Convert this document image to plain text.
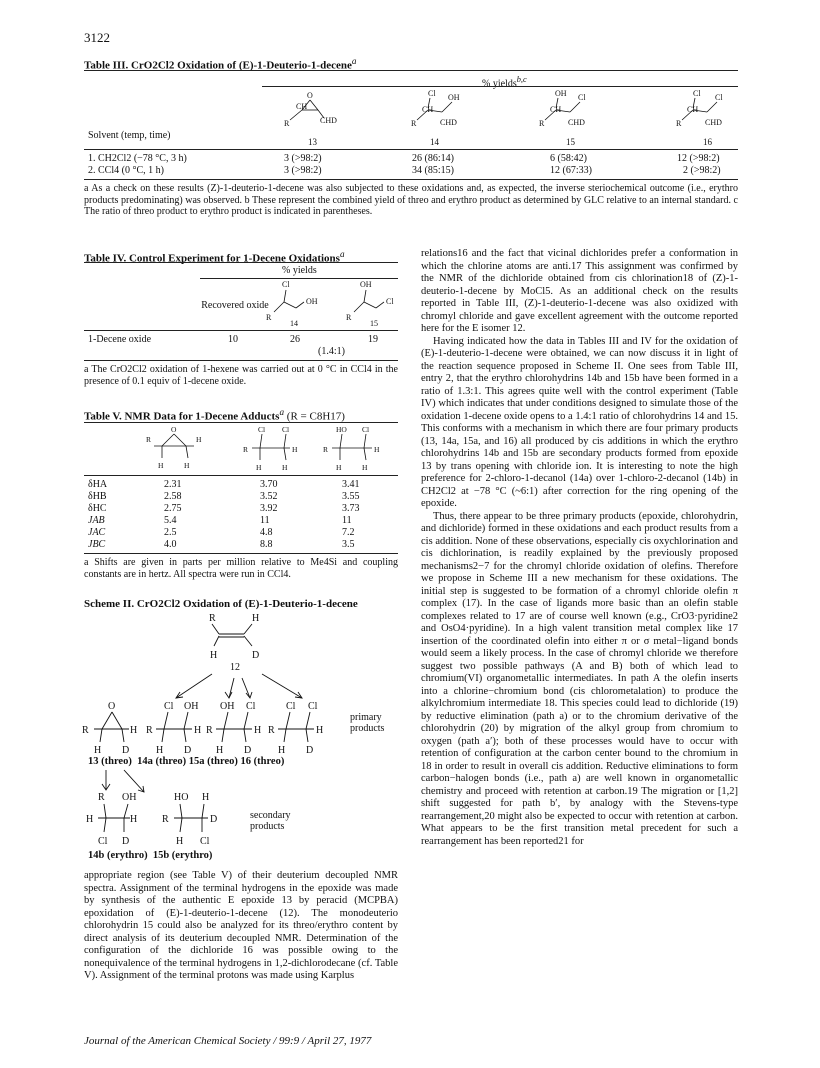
3122
Table III. CrO2Cl2 Oxidation of (E)-1-Deuterio-1-decene$^a$
% yields$^{b,c}$
O
CH
CHD
R
Cl
CH
OH
CHD
R
OH
CH
Cl
CHD
R
Cl
CH
Cl
CHD
R
Solvent (temp, time)
13	14	15	16
1. CH2Cl2 (−78 °C, 3 h)	3 (>98:2)	26 (86:14)	6 (58:42)	12 (>98:2)
2. CCl4 (0 °C, 1 h)	3 (>98:2)	34 (85:15)	12 (67:33)	2 (>98:2)
a As a check on these results (Z)-1-deuterio-1-decene was also subjected to these oxidations and, as expected, the inverse steriochemical outcome (i.e., erythro products predominating) was observed. b These represent the combined yield of threo and erythro product as determined by GLC relative to an internal standard. c The ratio of threo product to erythro product is indicated in parentheses.
Table IV. Control Experiment for 1-Decene Oxidations$^a$
% yields
Cl
OH
R
OH
Cl
R
Recovered oxide
14	15
1-Decene oxide	10	26	19
(1.4:1)
a The CrO2Cl2 oxidation of 1-hexene was carried out at 0 °C in CCl4 in the presence of 0.1 equiv of 1-decene oxide.
Table V. NMR Data for 1-Decene Adducts$^a$ (R = C8H17)
O
R	H
H	H
Cl Cl
R	H
H	H
HO Cl
R	H
H	H
δHA	2.31	3.70	3.41
δHB	2.58	3.52	3.55
δHC	2.75	3.92	3.73
JAB	5.4	11	11
JAC	2.5	4.8	7.2
JBC	4.0	8.8	3.5
a Shifts are given in parts per million relative to Me4Si and coupling constants are in hertz. All spectra were run in CCl4.
Scheme II. CrO2Cl2 Oxidation of (E)-1-Deuterio-1-decene
R	H
H	D
12
O
R	H
H D
Cl OH
R	H
H D
OH Cl
R	H
H D
Cl Cl
R	H
H D
R OH
H	H
Cl D
HO H
R	D
H Cl
primary products
13 (threo)  14a (threo) 15a (threo) 16 (threo)
secondary products
14b (erythro)  15b (erythro)

appropriate region (see Table V) of their deuterium decoupled NMR spectra. Assignment of the terminal hydrogens in the epoxide was made by synthesis of the authentic E epoxide 13 by peracid (MCPBA) epoxidation of (E)-1-deuterio-1-decene (12). The monodeuterio chlorohydrin 15 could also be analyzed for its threo/erythro content by direct analysis of its deuterium decoupled NMR. Determination of the configuration of the dichloride 16 was possible owing to the nonequivalence of the terminal hydrogens in 1,2-dichlorodecane (cf. Table V). Assignment of the terminal protons was made using Karplus

relations16 and the fact that vicinal dichlorides prefer a conformation in which the chlorine atoms are anti.17 This assignment was confirmed by the NMR of the dichloride obtained from cis chlorination18 of (Z)-1-deuterio-1-decene by MoCl5. As an additional check on the results reported in Table III, (Z)-1-deuterio-1-decene was also oxidized with chromyl chloride and gave excellent agreement with the outcome reported here for the E isomer 12.

Having indicated how the data in Tables III and IV for the oxidation of (E)-1-deuterio-1-decene were obtained, we can now discuss it in light of the reaction sequence proposed in Scheme II. One sees from Table III, entry 2, that the erythro chlorohydrins 14b and 15b have been formed in a ratio of 1.3:1. This agrees quite well with the control experiment (Table IV) which indicates that under conditions designed to simulate those of the oxidation 1-decene oxide opens to a 1.4:1 ratio of chlorohydrins 14 and 15. This conforms with a mechanism in which there are four primary products (13, 14a, 15a, and 16) all produced by cis additions in which the erythro chlorohydrins 14b and 15b are secondary products formed from epoxide 13 by trans opening with chloride ion. It is interesting to note the high preference for 2-chloro-1-decanol (14a) over 1-chloro-2-decanol (14b) in CH2Cl2 at −78 °C (~6:1) after correction for the ring opening of the epoxide.

Thus, there appear to be three primary products (epoxide, chlorohydrin, and dichloride) formed in these oxidations and each product results from a cis addition. None of these observations, especially cis oxychlorination and cis dichlorination, is readily explained by the previously proposed mechanisms2−7 for the chromyl chloride oxidation of olefins. Therefore we propose in Scheme III a new mechanism for these oxidations. The initial step is suggested to be formation of a chromyl chloride olefin π complex (17). In the case of ligands more basic than an olefin stable complexes related to 17 are of course well known (e.g., CrO3·pyridine2 and OsO4·pyridine). In a high valent transition metal complex like 17 insertion of the coordinated olefin into either π or σ metal−ligand bonds would seem a likely process. In the case of chromyl chloride we therefore suggest two possible pathways (A and B) both of which lead to chromium(VI) organometallic intermediates. In path A the olefin inserts into a chlorine−chromium bond (cis chlorometalation) to produce the alkylchromium intermediate 18. This species could lead to dichloride (19) by reductive elimination (path a) or to the chromium derivative of the chlorohydrin (20) by migration of the alkyl group from chromium to oxygen (path a′); both of these processes would have to occur with retention of configuration at the carbon center bound to the chromium in 18 in order to result in overall cis addition. Reductive eliminations to form carbon−halogen bonds (i.e., path a) are well known in organometallic chemistry and proceed with retention at carbon.19 The migration or [1,2] shift suggested for path b′, by analogy with the Stevens-type rearrangement,20 might also be expected to occur with retention at carbon. What appears to be the first transition metal precedent for such a rearrangement has been reported21 for

Journal of the American Chemical Society / 99:9 / April 27, 1977
